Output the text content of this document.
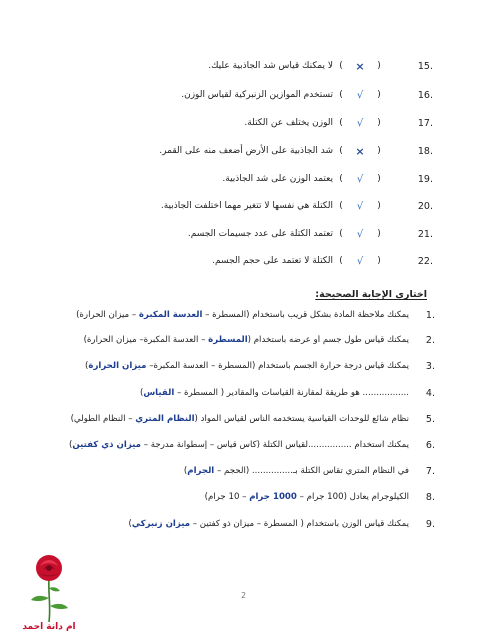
15.
(
×
)
لا يمكنك قياس شد الجاذبية عليك.
16.
(
√
)
تستخدم الموازين الزنبركية لقياس الوزن.
17.
(
√
)
الوزن يختلف عن الكتلة.
18.
(
×
)
شد الجاذبية على الأرض أضعف منه على القمر.
19.
(
√
)
يعتمد الوزن على شد الجاذبية.
20.
(
√
)
الكتلة هي نفسها لا تتغير مهما اختلفت الجاذبية.
21.
(
√
)
تعتمد الكتلة على عدد جسيمات الجسم.
22.
(
√
)
الكتلة لا تعتمد على حجم الجسم.
اختاري الإجابة الصحيحة:
1.
يمكنك ملاحظة المادة بشكل قريب باستخدام (المسطرة – العدسة المكبرة – ميزان الحرارة)
2.
يمكنك قياس طول جسم أو عرضه باستخدام (المسطرة – العدسة المكبرة– ميزان الحرارة)
3.
يمكنك قياس درجة حرارة الجسم باستخدام (المسطرة – العدسة المكبرة– ميزان الحرارة)
4.
................. هو طريقة لمقارنة القياسات والمقادير ( المسطرة – القياس)
5.
نظام شائع للوحدات القياسية يستخدمه الناس لقياس المواد (النظام المتري – النظام الطولي)
6.
يمكنك استخدام ................لقياس الكتلة (كأس قياس – إسطوانة مدرجة – ميزان ذي كفتين)
7.
في النظام المتري تقاس الكتلة بـ............... (الحجم – الجرام)
8.
الكيلوجرام يعادل (100 جرام – 1000 جرام – 10 جرام)
9.
يمكنك قياس الوزن باستخدام ( المسطرة – ميزان ذو كفتين – ميزان زنبركي)
2
ام دانة احمد
